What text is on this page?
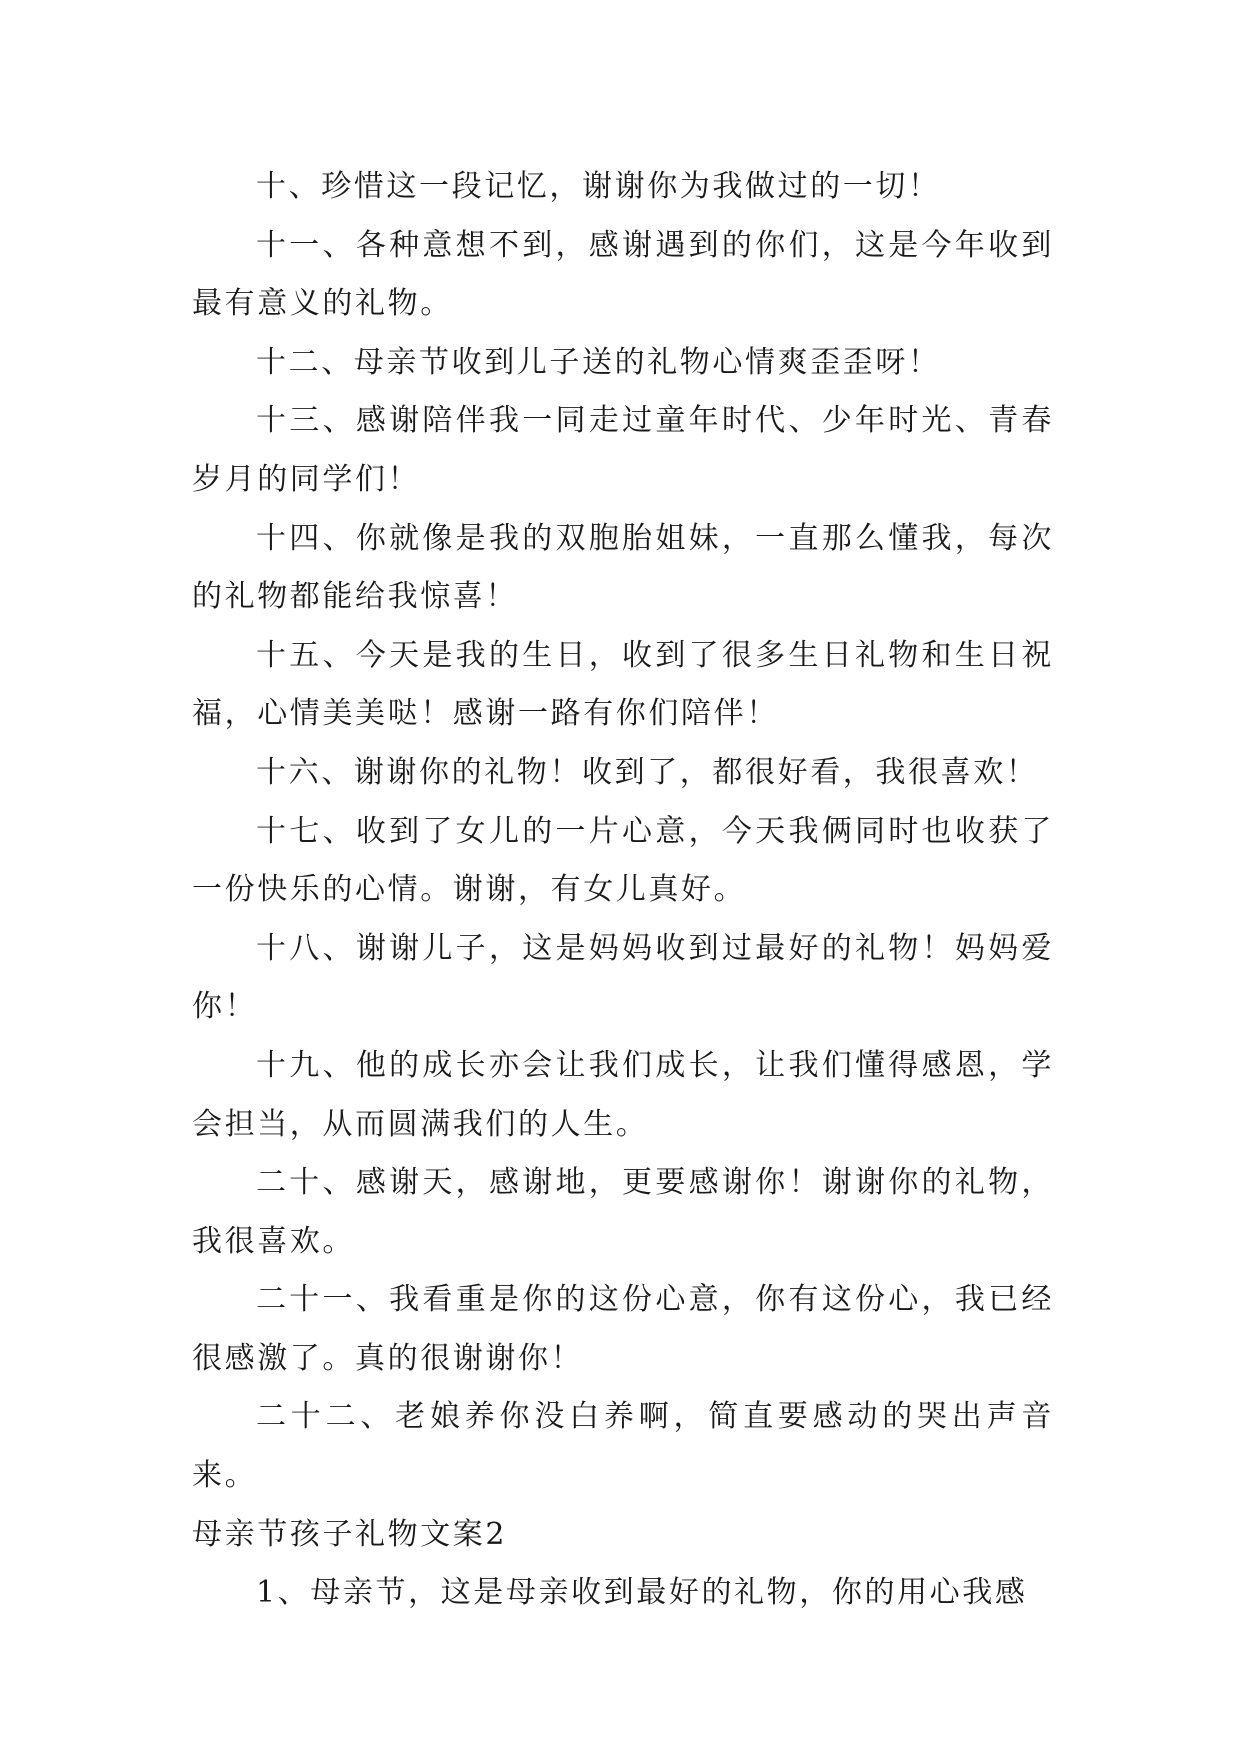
十、珍惜这一段记忆，谢谢你为我做过的一切！

十一、各种意想不到，感谢遇到的你们，这是今年收到最有意义的礼物。

十二、母亲节收到儿子送的礼物心情爽歪歪呀！

十三、感谢陪伴我一同走过童年时代、少年时光、青春岁月的同学们！

十四、你就像是我的双胞胎姐妹，一直那么懂我，每次的礼物都能给我惊喜！

十五、今天是我的生日，收到了很多生日礼物和生日祝福，心情美美哒！感谢一路有你们陪伴！

十六、谢谢你的礼物！收到了，都很好看，我很喜欢！

十七、收到了女儿的一片心意，今天我俩同时也收获了一份快乐的心情。谢谢，有女儿真好。

十八、谢谢儿子，这是妈妈收到过最好的礼物！妈妈爱你！

十九、他的成长亦会让我们成长，让我们懂得感恩，学会担当，从而圆满我们的人生。

二十、感谢天，感谢地，更要感谢你！谢谢你的礼物，我很喜欢。

二十一、我看重是你的这份心意，你有这份心，我已经很感激了。真的很谢谢你！

二十二、老娘养你没白养啊，简直要感动的哭出声音来。

母亲节孩子礼物文案2

1、母亲节，这是母亲收到最好的礼物，你的用心我感
